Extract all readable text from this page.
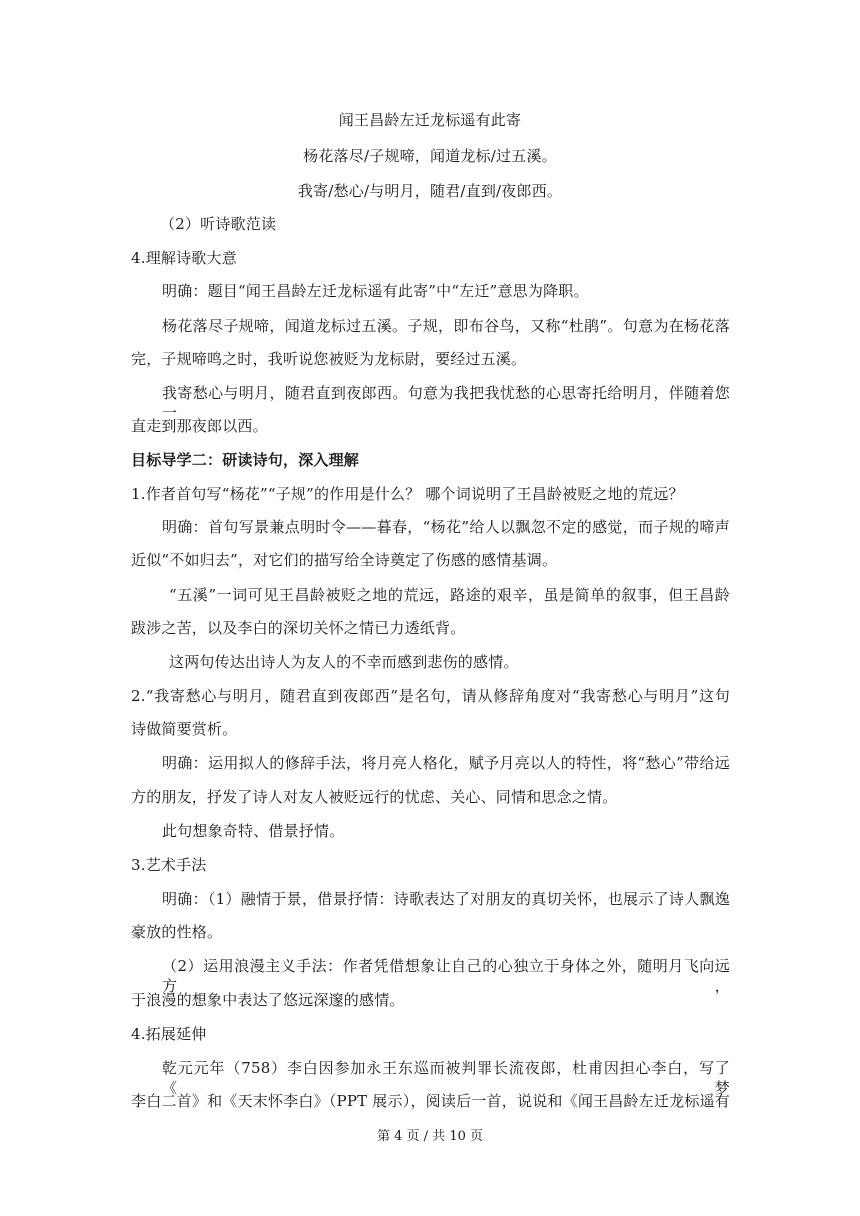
闻王昌龄左迁龙标遥有此寄
杨花落尽/子规啼，闻道龙标/过五溪。
我寄/愁心/与明月，随君/直到/夜郎西。
（2）听诗歌范读
4.理解诗歌大意
明确：题目“闻王昌龄左迁龙标遥有此寄”中“左迁”意思为降职。
杨花落尽子规啼，闻道龙标过五溪。子规，即布谷鸟，又称“杜鹃”。句意为在杨花落
完，子规啼鸣之时，我听说您被贬为龙标尉，要经过五溪。
我寄愁心与明月，随君直到夜郎西。句意为我把我忧愁的心思寄托给明月，伴随着您一
直走到那夜郎以西。
目标导学二：研读诗句，深入理解
1.作者首句写“杨花”“子规”的作用是什么？ 哪个词说明了王昌龄被贬之地的荒远？
明确：首句写景兼点明时令——暮春，“杨花”给人以飘忽不定的感觉，而子规的啼声
近似“不如归去”，对它们的描写给全诗奠定了伤感的感情基调。
“五溪”一词可见王昌龄被贬之地的荒远，路途的艰辛，虽是简单的叙事，但王昌龄
跋涉之苦，以及李白的深切关怀之情已力透纸背。
这两句传达出诗人为友人的不幸而感到悲伤的感情。
2.“我寄愁心与明月，随君直到夜郎西”是名句，请从修辞角度对“我寄愁心与明月”这句
诗做简要赏析。
明确：运用拟人的修辞手法，将月亮人格化，赋予月亮以人的特性，将“愁心”带给远
方的朋友，抒发了诗人对友人被贬远行的忧虑、关心、同情和思念之情。
此句想象奇特、借景抒情。
3.艺术手法
明确：（1）融情于景，借景抒情：诗歌表达了对朋友的真切关怀，也展示了诗人飘逸
豪放的性格。
（2）运用浪漫主义手法：作者凭借想象让自己的心独立于身体之外，随明月飞向远方，
于浪漫的想象中表达了悠远深邃的感情。
4.拓展延伸
乾元元年（758）李白因参加永王东巡而被判罪长流夜郎，杜甫因担心李白，写了《梦
李白二首》和《天末怀李白》（PPT 展示），阅读后一首，说说和《闻王昌龄左迁龙标遥有
第 4 页 / 共 10 页
